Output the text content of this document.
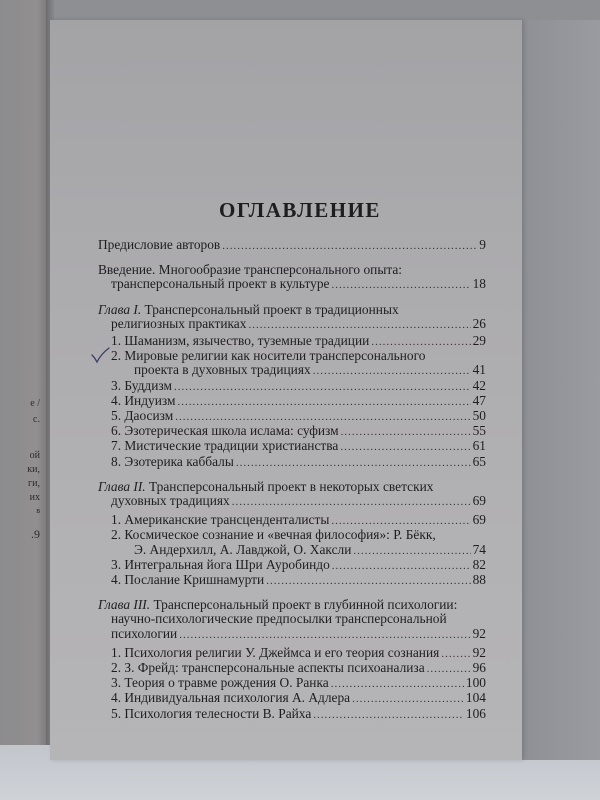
e /
c.
ой
ки,
ги,
их
в
.9
ОГЛАВЛЕНИЕ
Предисловие авторов .....	9
Введение. Многообразие трансперсонального опыта:
трансперсональный проект в культуре .....	18
Глава I. Трансперсональный проект в традиционных
религиозных практиках .....	26
1. Шаманизм, язычество, туземные традиции .....	29
2. Мировые религии как носители трансперсонального
проекта в духовных традициях .....	41
3. Буддизм .....	42
4. Индуизм .....	47
5. Даосизм .....	50
6. Эзотерическая школа ислама: суфизм .....	55
7. Мистические традиции христианства .....	61
8. Эзотерика каббалы .....	65
Глава II. Трансперсональный проект в некоторых светских
духовных традициях .....	69
1. Американские трансценденталисты .....	69
2. Космическое сознание и «вечная философия»: Р. Бёкк,
Э. Андерхилл, А. Лавджой, О. Хаксли .....	74
3. Интегральная йога Шри Ауробиндо .....	82
4. Послание Кришнамурти .....	88
Глава III. Трансперсональный проект в глубинной психологии:
научно-психологические предпосылки трансперсональной
психологии .....	92
1. Психология религии У. Джеймса и его теория сознания ..... 92
2. З. Фрейд: трансперсональные аспекты психоанализа .....	96
3. Теория о травме рождения О. Ранка .....	100
4. Индивидуальная психология А. Адлера .....	104
5. Психология телесности В. Райха .....	106
